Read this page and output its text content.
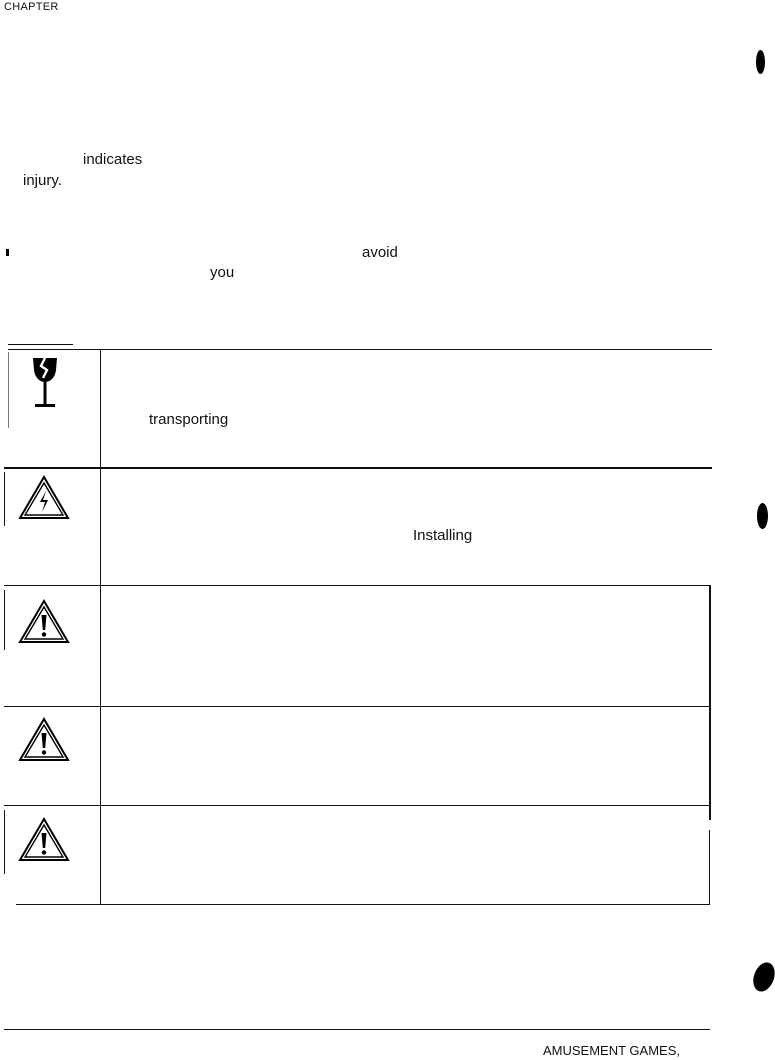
CHAPTER
indicates
injury.
avoid
you
transporting
Installing
AMUSEMENT GAMES,
